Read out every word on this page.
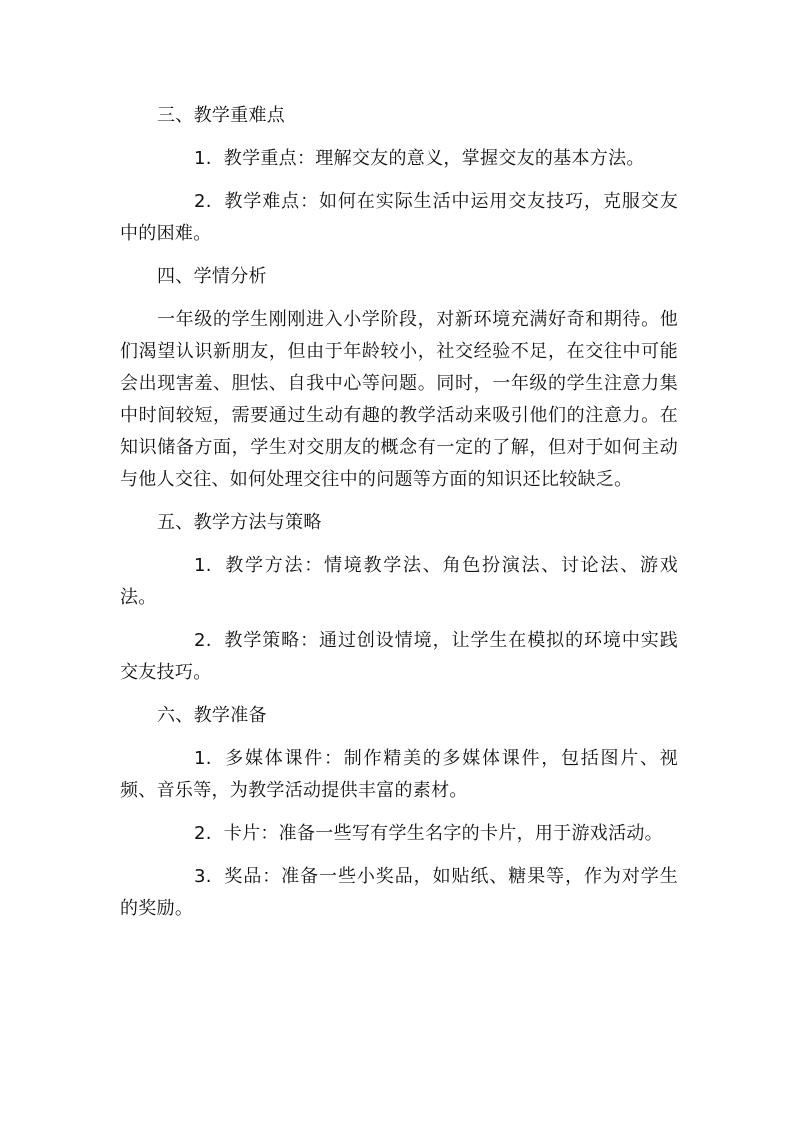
三、教学重难点

1. 教学重点：理解交友的意义，掌握交友的基本方法。

2. 教学难点：如何在实际生活中运用交友技巧，克服交友中的困难。

四、学情分析

一年级的学生刚刚进入小学阶段，对新环境充满好奇和期待。他们渴望认识新朋友，但由于年龄较小，社交经验不足，在交往中可能会出现害羞、胆怯、自我中心等问题。同时，一年级的学生注意力集中时间较短，需要通过生动有趣的教学活动来吸引他们的注意力。在知识储备方面，学生对交朋友的概念有一定的了解，但对于如何主动与他人交往、如何处理交往中的问题等方面的知识还比较缺乏。

五、教学方法与策略

1. 教学方法：情境教学法、角色扮演法、讨论法、游戏法。

2. 教学策略：通过创设情境，让学生在模拟的环境中实践交友技巧。

六、教学准备

1. 多媒体课件：制作精美的多媒体课件，包括图片、视频、音乐等，为教学活动提供丰富的素材。

2. 卡片：准备一些写有学生名字的卡片，用于游戏活动。

3. 奖品：准备一些小奖品，如贴纸、糖果等，作为对学生的奖励。
